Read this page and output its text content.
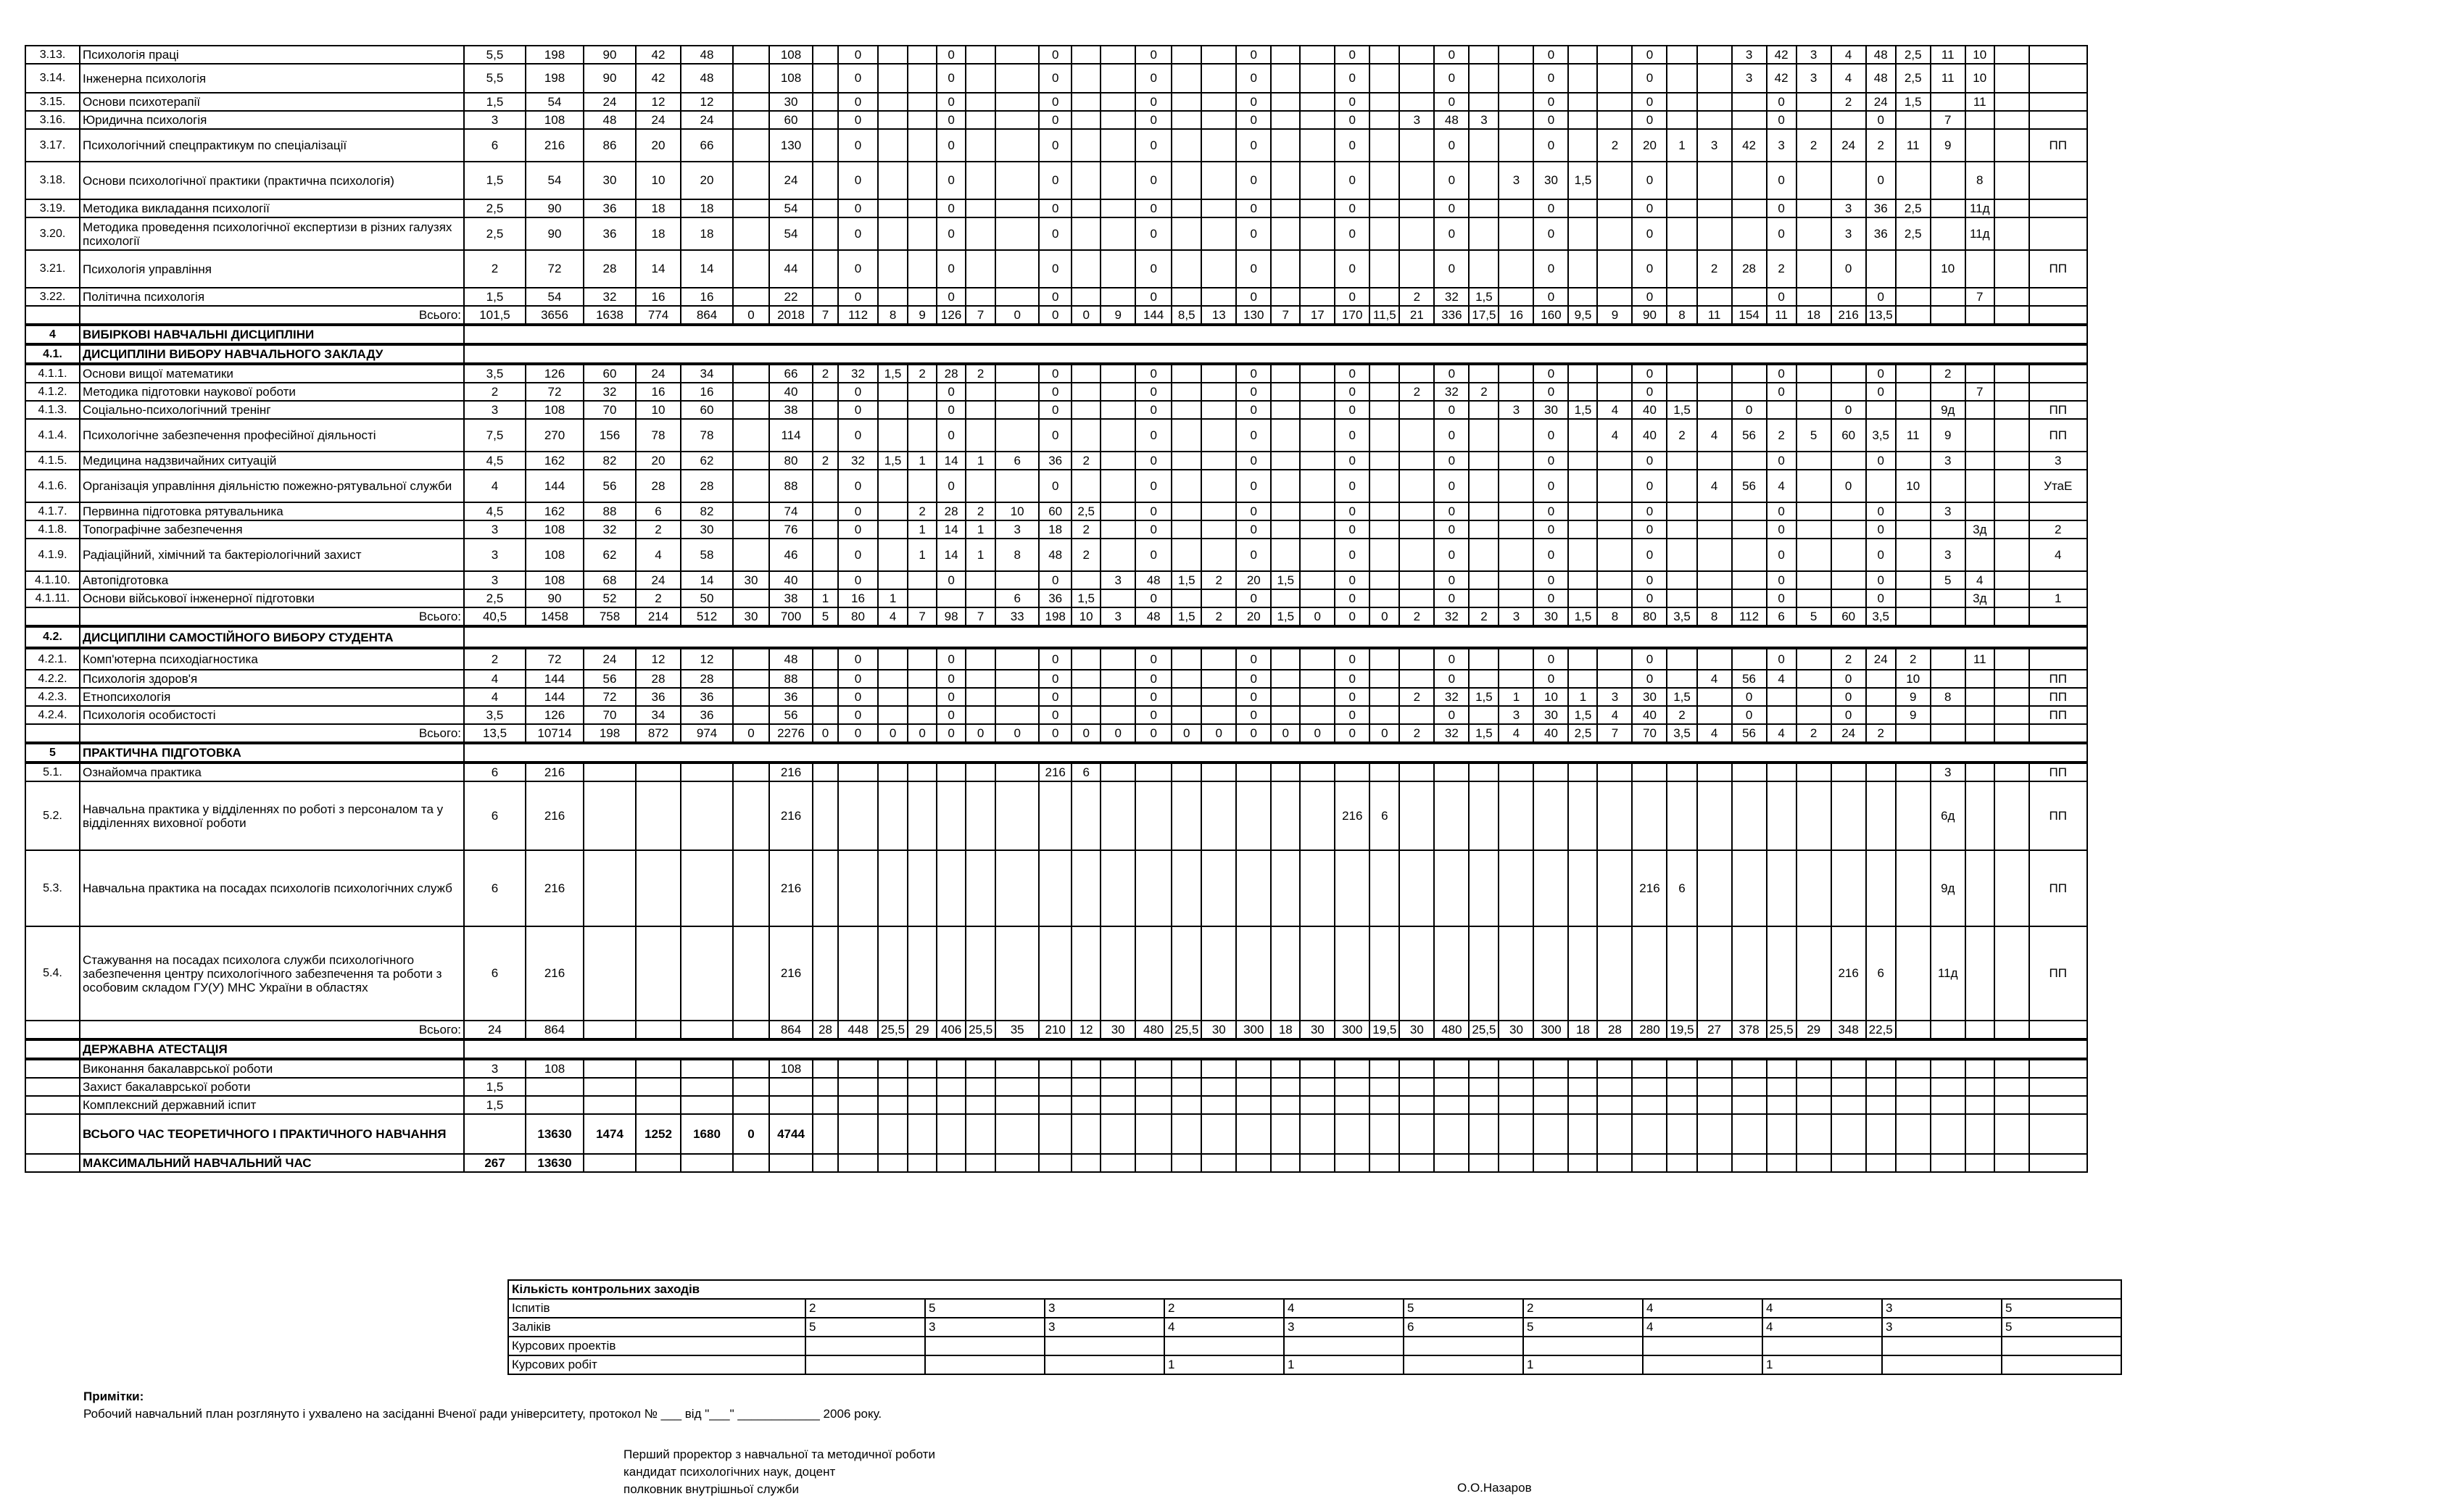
3.13.	Психологія праці	5,5	198	90	42	48		108		0			0			0			0			0			0			0			0			0			3	42	3	4	48	2,5	11	10		
3.14.	Інженерна психологія	5,5	198	90	42	48		108		0			0			0			0			0			0			0			0			0			3	42	3	4	48	2,5	11	10		
3.15.	Основи психотерапії	1,5	54	24	12	12		30		0			0			0			0			0			0			0			0			0				0		2	24	1,5		11		
3.16.	Юридична психологія	3	108	48	24	24		60		0			0			0			0			0			0		3	48	3		0			0				0			0		7			
3.17.	Психологічний спецпрактикум по спеціалізації	6	216	86	20	66		130		0			0			0			0			0			0			0			0		2	20	1	3	42	3	2	24	2	11	9			ПП
3.18.	Основи психологічної практики (практична психологія)	1,5	54	30	10	20		24		0			0			0			0			0			0			0		3	30	1,5		0				0			0			8		
3.19.	Методика викладання психології	2,5	90	36	18	18		54		0			0			0			0			0			0			0			0			0				0		3	36	2,5		11д		
3.20.	Методика проведення психологічної експертизи в різних галузях психології	2,5	90	36	18	18		54		0			0			0			0			0			0			0			0			0				0		3	36	2,5		11д		
3.21.	Психологія управління	2	72	28	14	14		44		0			0			0			0			0			0			0			0			0		2	28	2		0			10			ПП
3.22.	Політична психологія	1,5	54	32	16	16		22		0			0			0			0			0			0		2	32	1,5		0			0				0			0			7		
	Всього:	101,5	3656	1638	774	864	0	2018	7	112	8	9	126	7	0	0	0	9	144	8,5	13	130	7	17	170	11,5	21	336	17,5	16	160	9,5	9	90	8	11	154	11	18	216	13,5					
4	ВИБІРКОВІ НАВЧАЛЬНІ ДИСЦИПЛІНИ																																													
4.1.	ДИСЦИПЛІНИ ВИБОРУ НАВЧАЛЬНОГО ЗАКЛАДУ																																													
4.1.1.	Основи вищої математики	3,5	126	60	24	34		66	2	32	1,5	2	28	2		0			0			0			0			0			0			0				0			0		2			
4.1.2.	Методика підготовки наукової роботи	2	72	32	16	16		40		0			0			0			0			0			0		2	32	2		0			0				0			0			7		
4.1.3.	Соціально-психологічний тренінг	3	108	70	10	60		38		0			0			0			0			0			0			0		3	30	1,5	4	40	1,5		0			0			9д			ПП
4.1.4.	Психологічне забезпечення професійної діяльності	7,5	270	156	78	78		114		0			0			0			0			0			0			0			0		4	40	2	4	56	2	5	60	3,5	11	9			ПП
4.1.5.	Медицина надзвичайних ситуацій	4,5	162	82	20	62		80	2	32	1,5	1	14	1	6	36	2		0			0			0			0			0			0				0			0		3			3
4.1.6.	Організація управління діяльністю пожежно-рятувальної служби	4	144	56	28	28		88		0			0			0			0			0			0			0			0			0		4	56	4		0		10				УтаЕ
4.1.7.	Первинна підготовка рятувальника	4,5	162	88	6	82		74		0		2	28	2	10	60	2,5		0			0			0			0			0			0				0			0		3			
4.1.8.	Топографічне забезпечення	3	108	32	2	30		76		0		1	14	1	3	18	2		0			0			0			0			0			0				0			0			3д		2
4.1.9.	Радіаційний, хімічний та бактеріологічний захист	3	108	62	4	58		46		0		1	14	1	8	48	2		0			0			0			0			0			0				0			0		3			4
4.1.10.	Автопідготовка	3	108	68	24	14	30	40		0			0			0		3	48	1,5	2	20	1,5		0			0			0			0				0			0		5	4		
4.1.11.	Основи військової інженерної підготовки	2,5	90	52	2	50		38	1	16	1				6	36	1,5		0			0			0			0			0			0				0			0			3д		1
	Всього:	40,5	1458	758	214	512	30	700	5	80	4	7	98	7	33	198	10	3	48	1,5	2	20	1,5	0	0	0	2	32	2	3	30	1,5	8	80	3,5	8	112	6	5	60	3,5					
4.2.	ДИСЦИПЛІНИ САМОСТІЙНОГО ВИБОРУ СТУДЕНТА																																													
4.2.1.	Комп'ютерна психодіагностика	2	72	24	12	12		48		0			0			0			0			0			0			0			0			0				0		2	24	2		11		
4.2.2.	Психологія здоров'я	4	144	56	28	28		88		0			0			0			0			0			0			0			0			0		4	56	4		0		10				ПП
4.2.3.	Етнопсихологія	4	144	72	36	36		36		0			0			0			0			0			0		2	32	1,5	1	10	1	3	30	1,5		0			0		9	8			ПП
4.2.4.	Психологія особистості	3,5	126	70	34	36		56		0			0			0			0			0			0			0		3	30	1,5	4	40	2		0			0		9				ПП
	Всього:	13,5	10714	198	872	974	0	2276	0	0	0	0	0	0	0	0	0	0	0	0	0	0	0	0	0	0	2	32	1,5	4	40	2,5	7	70	3,5	4	56	4	2	24	2					
5	ПРАКТИЧНА ПІДГОТОВКА																																													
5.1.	Ознайомча практика	6	216					216								216	6																										3			ПП
5.2.	Навчальна практика у відділеннях по роботі з персоналом та у відділеннях виховної роботи	6	216					216																	216	6																	6д			ПП
5.3.	Навчальна практика на посадах психологів психологічних служб	6	216					216																										216	6								9д			ПП
5.4.	Стажування на посадах психолога служби психологічного забезпечення центру психологічного забезпечення та роботи з особовим складом ГУ(У) МНС України в областях	6	216					216																																216	6		11д			ПП
	Всього:	24	864					864	28	448	25,5	29	406	25,5	35	210	12	30	480	25,5	30	300	18	30	300	19,5	30	480	25,5	30	300	18	28	280	19,5	27	378	25,5	29	348	22,5					
	ДЕРЖАВНА АТЕСТАЦІЯ																																													
	Виконання бакалаврської роботи	3	108					108																																						
	Захист бакалаврської роботи	1,5																																												
	Комплексний державний іспит	1,5																																												
	ВСЬОГО ЧАС ТЕОРЕТИЧНОГО І ПРАКТИЧНОГО НАВЧАННЯ		13630	1474	1252	1680	0	4744																																						
	МАКСИМАЛЬНИЙ НАВЧАЛЬНИЙ ЧАС	267	13630																																											
Кількість контрольних заходів											
Іспитів	2	5	3	2	4	5	2	4	4	3	5
Заліків	5	3	3	4	3	6	5	4	4	3	5
Курсових проектів											
Курсових робіт				1	1		1		1		
Примітки:
Робочий навчальний план розглянуто і ухвалено на засіданні Вченої ради університету, протокол № ___ від "___" ____________ 2006 року.
Перший проректор з навчальної та методичної роботи
кандидат психологічних наук, доцент
полковник внутрішньої служби	О.О.Назаров
